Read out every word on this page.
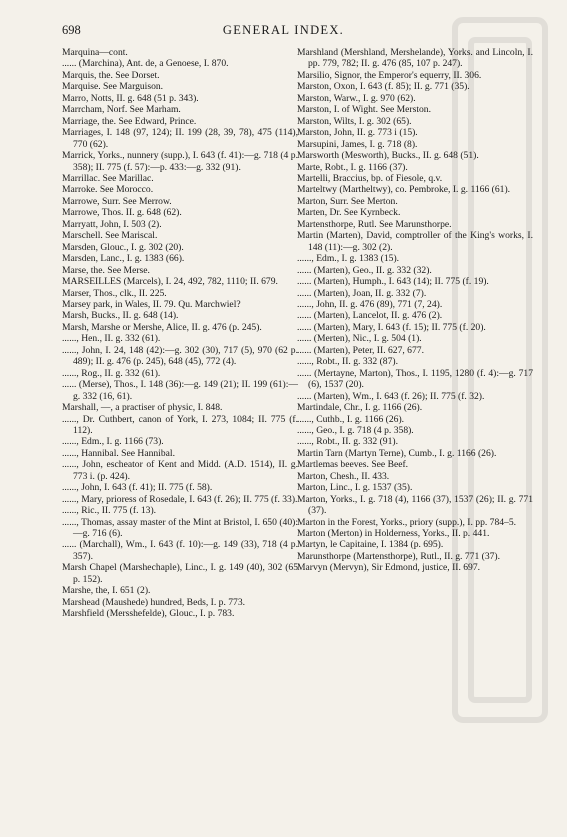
698	GENERAL INDEX.
Marquina—cont.
...... (Marchina), Ant. de, a Genoese, I. 870.
Marquis, the. See Dorset.
Marquise. See Marguison.
Marro, Notts, II. g. 648 (51 p. 343).
Marrcham, Norf. See Marham.
Marriage, the. See Edward, Prince.
Marriages, I. 148 (97, 124); II. 199 (28, 39, 78), 475 (114), 770 (62).
Marrick, Yorks., nunnery (supp.), I. 643 (f. 41):—g. 718 (4 p. 358); II. 775 (f. 57):—p. 433:—g. 332 (91).
Marrillac. See Marillac.
Marroke. See Morocco.
Marrowe, Surr. See Merrow.
Marrowe, Thos. II. g. 648 (62).
Marryatt, John, I. 503 (2).
Marschell. See Mariscal.
Marsden, Glouc., I. g. 302 (20).
Marsden, Lanc., I. g. 1383 (66).
Marse, the. See Merse.
MARSEILLES (Marcels), I. 24, 492, 782, 1110; II. 679.
Marser, Thos., clk., II. 225.
Marsey park, in Wales, II. 79. Qu. Marchwiel?
Marsh, Bucks., II. g. 648 (14).
Marsh, Marshe or Mershe, Alice, II. g. 476 (p. 245).
......, Hen., II. g. 332 (61).
......, John, I. 24, 148 (42):—g. 302 (30), 717 (5), 970 (62 p. 489); II. g. 476 (p. 245), 648 (45), 772 (4).
......, Rog., II. g. 332 (61).
...... (Merse), Thos., I. 148 (36):—g. 149 (21); II. 199 (61):—g. 332 (16, 61).
Marshall, —, a practiser of physic, I. 848.
......, Dr. Cuthbert, canon of York, I. 273, 1084; II. 775 (f. 112).
......, Edm., I. g. 1166 (73).
......, Hannibal. See Hannibal.
......, John, escheator of Kent and Midd. (A.D. 1514), II. g. 773 i. (p. 424).
......, John, I. 643 (f. 41); II. 775 (f. 58).
......, Mary, prioress of Rosedale, I. 643 (f. 26); II. 775 (f. 33).
......, Ric., II. 775 (f. 13).
......, Thomas, assay master of the Mint at Bristol, I. 650 (40):—g. 716 (6).
...... (Marchall), Wm., I. 643 (f. 10):—g. 149 (33), 718 (4 p. 357).
Marsh Chapel (Marshechaple), Linc., I. g. 149 (40), 302 (65 p. 152).
Marshe, the, I. 651 (2).
Marshead (Maushede) hundred, Beds, I. p. 773.
Marshfield (Mersshefelde), Glouc., I. p. 783.
Marshland (Mershland, Mershelande), Yorks. and Lincoln, I. pp. 779, 782; II. g. 476 (85, 107 p. 247).
Marsilio, Signor, the Emperor's equerry, II. 306.
Marston, Oxon, I. 643 (f. 85); II. g. 771 (35).
Marston, Warw., I. g. 970 (62).
Marston, I. of Wight. See Merston.
Marston, Wilts, I. g. 302 (65).
Marston, John, II. g. 773 i (15).
Marsupini, James, I. g. 718 (8).
Marsworth (Mesworth), Bucks., II. g. 648 (51).
Marte, Robt., I. g. 1166 (37).
Martelli, Braccius, bp. of Fiesole, q.v.
Marteltwy (Martheltwy), co. Pembroke, I. g. 1166 (61).
Marton, Surr. See Merton.
Marten, Dr. See Kyrnbeck.
Martensthorpe, Rutl. See Marunsthorpe.
Martin (Marten), David, comptroller of the King's works, I. 148 (11):—g. 302 (2).
......, Edm., I. g. 1383 (15).
...... (Marten), Geo., II. g. 332 (32).
...... (Marten), Humph., I. 643 (14); II. 775 (f. 19).
...... (Marten), Joan, II. g. 332 (7).
......, John, II. g. 476 (89), 771 (7, 24).
...... (Marten), Lancelot, II. g. 476 (2).
...... (Marten), Mary, I. 643 (f. 15); II. 775 (f. 20).
...... (Merten), Nic., I. g. 504 (1).
...... (Marten), Peter, II. 627, 677.
......, Robt., II. g. 332 (87).
...... (Mertayne, Marton), Thos., I. 1195, 1280 (f. 4):—g. 717 (6), 1537 (20).
...... (Marten), Wm., I. 643 (f. 26); II. 775 (f. 32).
Martindale, Chr., I. g. 1166 (26).
......, Cuthb., I. g. 1166 (26).
......, Geo., I. g. 718 (4 p. 358).
......, Robt., II. g. 332 (91).
Martin Tarn (Martyn Terne), Cumb., I. g. 1166 (26).
Martlemas beeves. See Beef.
Marton, Chesh., II. 433.
Marton, Linc., I. g. 1537 (35).
Marton, Yorks., I. g. 718 (4), 1166 (37), 1537 (26); II. g. 771 (37).
Marton in the Forest, Yorks., priory (supp.), I. pp. 784–5.
Marton (Merton) in Holderness, Yorks., II. p. 441.
Martyn, le Capitaine, I. 1384 (p. 695).
Marunsthorpe (Martensthorpe), Rutl., II. g. 771 (37).
Marvyn (Mervyn), Sir Edmond, justice, II. 697.
